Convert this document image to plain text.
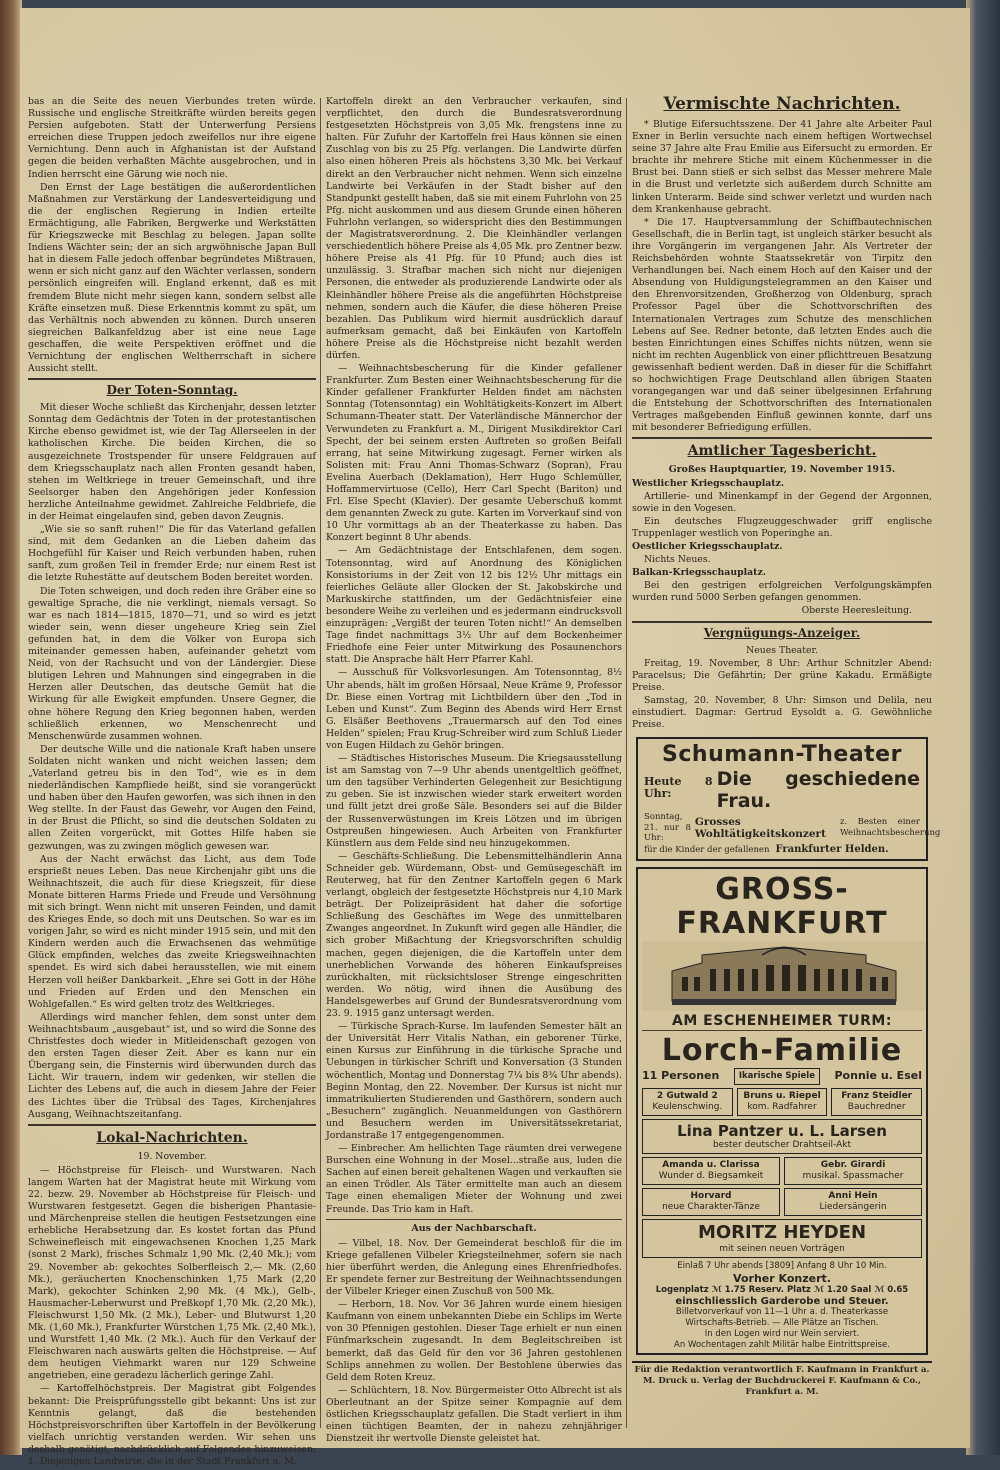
bas an die Seite des neuen Vierbundes treten würde. Russische und englische Streitkräfte würden bereits gegen Persien aufgeboten. Statt der Unterwerfung Persiens erreichen diese Truppen jedoch zweifellos nur ihre eigene Vernichtung. Denn auch in Afghanistan ist der Aufstand gegen die beiden verhaßten Mächte ausgebrochen, und in Indien herrscht eine Gärung wie noch nie.

Den Ernst der Lage bestätigen die außerordentlichen Maßnahmen zur Verstärkung der Landesverteidigung und die der englischen Regierung in Indien erteilte Ermächtigung, alle Fabriken, Bergwerke und Werkstätten für Kriegszwecke mit Beschlag zu belegen. Japan sollte Indiens Wächter sein; der an sich argwöhnische Japan Bull hat in diesem Falle jedoch offenbar begründetes Mißtrauen, wenn er sich nicht ganz auf den Wächter verlassen, sondern persönlich eingreifen will. England erkennt, daß es mit fremdem Blute nicht mehr siegen kann, sondern selbst alle Kräfte einsetzen muß. Diese Erkenntnis kommt zu spät, um das Verhältnis noch abwenden zu können. Durch unseren siegreichen Balkanfeldzug aber ist eine neue Lage geschaffen, die weite Perspektiven eröffnet und die Vernichtung der englischen Weltherrschaft in sichere Aussicht stellt.

Der Toten-Sonntag.

Mit dieser Woche schließt das Kirchenjahr, dessen letzter Sonntag dem Gedächtnis der Toten in der protestantischen Kirche ebenso gewidmet ist, wie der Tag Allerseelen in der katholischen Kirche. Die beiden Kirchen, die so ausgezeichnete Trostspender für unsere Feldgrauen auf dem Kriegsschauplatz nach allen Fronten gesandt haben, stehen im Weltkriege in treuer Gemeinschaft, und ihre Seelsorger haben den Angehörigen jeder Konfession herzliche Anteilnahme gewidmet. Zahlreiche Feldbriefe, die in der Heimat eingelaufen sind, geben davon Zeugnis.

„Wie sie so sanft ruhen!“ Die für das Vaterland gefallen sind, mit dem Gedanken an die Lieben daheim das Hochgefühl für Kaiser und Reich verbunden haben, ruhen sanft, zum großen Teil in fremder Erde; nur einem Rest ist die letzte Ruhestätte auf deutschem Boden bereitet worden.

Die Toten schweigen, und doch reden ihre Gräber eine so gewaltige Sprache, die nie verklingt, niemals versagt. So war es nach 1814—1815, 1870—71, und so wird es jetzt wieder sein, wenn dieser ungeheure Krieg sein Ziel gefunden hat, in dem die Völker von Europa sich miteinander gemessen haben, aufeinander gehetzt vom Neid, von der Rachsucht und von der Ländergier. Diese blutigen Lehren und Mahnungen sind eingegraben in die Herzen aller Deutschen, das deutsche Gemüt hat die Wirkung für alle Ewigkeit empfunden. Unsere Gegner, die ohne höhere Regung den Krieg begonnen haben, werden schließlich erkennen, wo Menschenrecht und Menschenwürde zusammen wohnen.

Der deutsche Wille und die nationale Kraft haben unsere Soldaten nicht wanken und nicht weichen lassen; dem „Vaterland getreu bis in den Tod“, wie es in dem niederländischen Kampfliede heißt, sind sie vorangerückt und haben über den Haufen geworfen, was sich ihnen in den Weg stellte. In der Faust das Gewehr, vor Augen den Feind, in der Brust die Pflicht, so sind die deutschen Soldaten zu allen Zeiten vorgerückt, mit Gottes Hilfe haben sie gezwungen, was zu zwingen möglich gewesen war.

Aus der Nacht erwächst das Licht, aus dem Tode ersprießt neues Leben. Das neue Kirchenjahr gibt uns die Weihnachtszeit, die auch für diese Kriegszeit, für diese Monate bitteren Harms Friede und Freude und Versöhnung mit sich bringt. Wenn nicht mit unseren Feinden, und damit des Krieges Ende, so doch mit uns Deutschen. So war es im vorigen Jahr, so wird es nicht minder 1915 sein, und mit den Kindern werden auch die Erwachsenen das wehmütige Glück empfinden, welches das zweite Kriegsweihnachten spendet. Es wird sich dabei herausstellen, wie mit einem Herzen voll heißer Dankbarkeit. „Ehre sei Gott in der Höhe und Frieden auf Erden und den Menschen ein Wohlgefallen.“ Es wird gelten trotz des Weltkrieges.

Allerdings wird mancher fehlen, dem sonst unter dem Weihnachtsbaum „ausgebaut“ ist, und so wird die Sonne des Christfestes doch wieder in Mitleidenschaft gezogen von den ersten Tagen dieser Zeit. Aber es kann nur ein Übergang sein, die Finsternis wird überwunden durch das Licht. Wir trauern, indem wir gedenken, wir stellen die Lichter des Lebens auf, die auch in diesem Jahre der Feier des Lichtes über die Trübsal des Tages, Kirchenjahres Ausgang, Weihnachtszeitanfang.

Lokal-Nachrichten.
19. November.

— Höchstpreise für Fleisch- und Wurstwaren. Nach langem Warten hat der Magistrat heute mit Wirkung vom 22. bezw. 29. November ab Höchstpreise für Fleisch- und Wurstwaren festgesetzt. Gegen die bisherigen Phantasie- und Märchenpreise stellen die heutigen Festsetzungen eine erhebliche Herabsetzung dar. Es kostet fortan das Pfund Schweinefleisch mit eingewachsenen Knochen 1,25 Mark (sonst 2 Mark), frisches Schmalz 1,90 Mk. (2,40 Mk.); vom 29. November ab: gekochtes Solberfleisch 2,— Mk. (2,60 Mk.), geräucherten Knochenschinken 1,75 Mark (2,20 Mark), gekochter Schinken 2,90 Mk. (4 Mk.), Gelb-, Hausmacher-Leberwurst und Preßkopf 1,70 Mk. (2,20 Mk.), Fleischwurst 1,50 Mk. (2 Mk.), Leber- und Blutwurst 1,20 Mk. (1,60 Mk.), Frankfurter Würstchen 1,75 Mk. (2,40 Mk.), und Wurstfett 1,40 Mk. (2 Mk.). Auch für den Verkauf der Fleischwaren nach auswärts gelten die Höchstpreise. — Auf dem heutigen Viehmarkt waren nur 129 Schweine angetrieben, eine geradezu lächerlich geringe Zahl.

— Kartoffelhöchstpreis. Der Magistrat gibt Folgendes bekannt: Die Preisprüfungsstelle gibt bekannt: Uns ist zur Kenntnis gelangt, daß die bestehenden Höchstpreisvorschriften über Kartoffeln in der Bevölkerung vielfach unrichtig verstanden werden. Wir sehen uns deshalb genötigt, nachdrücklich auf Folgendes hinzuweisen: 1. Diejenigen Landwirte, die in der Stadt Frankfurt a. M.

Kartoffeln direkt an den Verbraucher verkaufen, sind verpflichtet, den durch die Bundesratsverordnung festgesetzten Höchstpreis von 3,05 Mk. frengstens inne zu halten. Für Zufuhr der Kartoffeln frei Haus können sie einen Zuschlag von bis zu 25 Pfg. verlangen. Die Landwirte dürfen also einen höheren Preis als höchstens 3,30 Mk. bei Verkauf direkt an den Verbraucher nicht nehmen. Wenn sich einzelne Landwirte bei Verkäufen in der Stadt bisher auf den Standpunkt gestellt haben, daß sie mit einem Fuhrlohn von 25 Pfg. nicht auskommen und aus diesem Grunde einen höheren Fuhrlohn verlangen, so widerspricht dies den Bestimmungen der Magistratsverordnung. 2. Die Kleinhändler verlangen verschiedentlich höhere Preise als 4,05 Mk. pro Zentner bezw. höhere Preise als 41 Pfg. für 10 Pfund; auch dies ist unzulässig. 3. Strafbar machen sich nicht nur diejenigen Personen, die entweder als produzierende Landwirte oder als Kleinhändler höhere Preise als die angeführten Höchstpreise nehmen, sondern auch die Käufer, die diese höheren Preise bezahlen. Das Publikum wird hiermit ausdrücklich darauf aufmerksam gemacht, daß bei Einkäufen von Kartoffeln höhere Preise als die Höchstpreise nicht bezahlt werden dürfen.

— Weihnachtsbescherung für die Kinder gefallener Frankfurter. Zum Besten einer Weihnachtsbescherung für die Kinder gefallener Frankfurter Helden findet am nächsten Sonntag (Totensonntag) ein Wohltätigkeits-Konzert im Albert Schumann-Theater statt. Der Vaterländische Männerchor der Verwundeten zu Frankfurt a. M., Dirigent Musikdirektor Carl Specht, der bei seinem ersten Auftreten so großen Beifall errang, hat seine Mitwirkung zugesagt. Ferner wirken als Solisten mit: Frau Anni Thomas-Schwarz (Sopran), Frau Evelina Auerbach (Deklamation), Herr Hugo Schlemüller, Hoffammervirtuose (Cello), Herr Carl Specht (Bariton) und Frl. Else Specht (Klavier). Der gesamte Ueberschuß kommt dem genannten Zweck zu gute. Karten im Vorverkauf sind von 10 Uhr vormittags ab an der Theaterkasse zu haben. Das Konzert beginnt 8 Uhr abends.

— Am Gedächtnistage der Entschlafenen, dem sogen. Totensonntag, wird auf Anordnung des Königlichen Konsistoriums in der Zeit von 12 bis 12½ Uhr mittags ein feierliches Geläute aller Glocken der St. Jakobskirche und Markuskirche stattfinden, um der Gedächtnisfeier eine besondere Weihe zu verleihen und es jedermann eindrucksvoll einzuprägen: „Vergißt der teuren Toten nicht!“ An demselben Tage findet nachmittags 3½ Uhr auf dem Bockenheimer Friedhofe eine Feier unter Mitwirkung des Posaunenchors statt. Die Ansprache hält Herr Pfarrer Kahl.

— Ausschuß für Volksvorlesungen. Am Totensonntag, 8½ Uhr abends, hält im großen Hörsaal, Neue Kräme 9, Professor Dr. Biese einen Vortrag mit Lichtbildern über den „Tod in Leben und Kunst“. Zum Beginn des Abends wird Herr Ernst G. Elsäßer Beethovens „Trauermarsch auf den Tod eines Helden“ spielen; Frau Krug-Schreiber wird zum Schluß Lieder von Eugen Hildach zu Gehör bringen.

— Städtisches Historisches Museum. Die Kriegsausstellung ist am Samstag von 7—9 Uhr abends unentgeltlich geöffnet, um den tagsüber Verhinderten Gelegenheit zur Besichtigung zu geben. Sie ist inzwischen wieder stark erweitert worden und füllt jetzt drei große Säle. Besonders sei auf die Bilder der Russenverwüstungen im Kreis Lötzen und im übrigen Ostpreußen hingewiesen. Auch Arbeiten von Frankfurter Künstlern aus dem Felde sind neu hinzugekommen.

— Geschäfts-Schließung. Die Lebensmittelhändlerin Anna Schneider geb. Würdemann, Obst- und Gemüsegeschäft im Reuterweg, hat für den Zentner Kartoffeln gegen 6 Mark verlangt, obgleich der festgesetzte Höchstpreis nur 4,10 Mark beträgt. Der Polizeipräsident hat daher die sofortige Schließung des Geschäftes im Wege des unmittelbaren Zwanges angeordnet. In Zukunft wird gegen alle Händler, die sich grober Mißachtung der Kriegsvorschriften schuldig machen, gegen diejenigen, die die Kartoffeln unter dem unerheblichen Vorwande des höheren Einkaufspreises zurückhalten, mit rücksichtsloser Strenge eingeschritten werden. Wo nötig, wird ihnen die Ausübung des Handelsgewerbes auf Grund der Bundesratsverordnung vom 23. 9. 1915 ganz untersagt werden.

— Türkische Sprach-Kurse. Im laufenden Semester hält an der Universität Herr Vitalis Nathan, ein geborener Türke, einen Kursus zur Einführung in die türkische Sprache und Uebungen in türkischer Schrift und Konversation (3 Stunden wöchentlich, Montag und Donnerstag 7¼ bis 8¾ Uhr abends). Beginn Montag, den 22. November. Der Kursus ist nicht nur immatrikulierten Studierenden und Gasthörern, sondern auch „Besuchern“ zugänglich. Neuanmeldungen von Gasthörern und Besuchern werden im Universitätssekretariat, Jordanstraße 17 entgegengenommen.

— Einbrecher. Am hellichten Tage räumten drei verwegene Burschen eine Wohnung in der Mosel...straße aus, luden die Sachen auf einen bereit gehaltenen Wagen und verkauften sie an einen Trödler. Als Täter ermittelte man auch an diesem Tage einen ehemaligen Mieter der Wohnung und zwei Freunde. Das Trio kam in Haft.

Aus der Nachbarschaft.

— Vilbel, 18. Nov. Der Gemeinderat beschloß für die im Kriege gefallenen Vilbeler Kriegsteilnehmer, sofern sie nach hier überführt werden, die Anlegung eines Ehrenfriedhofes. Er spendete ferner zur Bestreitung der Weihnachtssendungen der Vilbeler Krieger einen Zuschuß von 500 Mk.

— Herborn, 18. Nov. Vor 36 Jahren wurde einem hiesigen Kaufmann von einem unbekannten Diebe ein Schlips im Werte von 30 Pfennigen gestohlen. Dieser Tage erhielt er nun einen Fünfmarkschein zugesandt. In dem Begleitschreiben ist bemerkt, daß das Geld für den vor 36 Jahren gestohlenen Schlips annehmen zu wollen. Der Bestohlene überwies das Geld dem Roten Kreuz.

— Schlüchtern, 18. Nov. Bürgermeister Otto Albrecht ist als Oberleutnant an der Spitze seiner Kompagnie auf dem östlichen Kriegsschauplatz gefallen. Die Stadt verliert in ihm einen tüchtigen Beamten, der in nahezu zehnjähriger Dienstzeit ihr wertvolle Dienste geleistet hat.

Vermischte Nachrichten.

* Blutige Eifersuchtsszene. Der 41 Jahre alte Arbeiter Paul Exner in Berlin versuchte nach einem heftigen Wortwechsel seine 37 Jahre alte Frau Emilie aus Eifersucht zu ermorden. Er brachte ihr mehrere Stiche mit einem Küchenmesser in die Brust bei. Dann stieß er sich selbst das Messer mehrere Male in die Brust und verletzte sich außerdem durch Schnitte am linken Unterarm. Beide sind schwer verletzt und wurden nach dem Krankenhause gebracht.

* Die 17. Hauptversammlung der Schiffbautechnischen Gesellschaft, die in Berlin tagt, ist ungleich stärker besucht als ihre Vorgängerin im vergangenen Jahr. Als Vertreter der Reichsbehörden wohnte Staatssekretär von Tirpitz den Verhandlungen bei. Nach einem Hoch auf den Kaiser und der Absendung von Huldigungstelegrammen an den Kaiser und den Ehrenvorsitzenden, Großherzog von Oldenburg, sprach Professor Pagel über die Schottvorschriften des Internationalen Vertrages zum Schutze des menschlichen Lebens auf See. Redner betonte, daß letzten Endes auch die besten Einrichtungen eines Schiffes nichts nützen, wenn sie nicht im rechten Augenblick von einer pflichttreuen Besatzung gewissenhaft bedient werden. Daß in dieser für die Schiffahrt so hochwichtigen Frage Deutschland allen übrigen Staaten vorangegangen war und daß seiner übelgesinnen Erfahrung die Entstehung der Schottvorschriften des Internationalen Vertrages maßgebenden Einfluß gewinnen konnte, darf uns mit besonderer Befriedigung erfüllen.

Amtlicher Tagesbericht.

Großes Hauptquartier, 19. November 1915.

Westlicher Kriegsschauplatz.

Artillerie- und Minenkampf in der Gegend der Argonnen, sowie in den Vogesen.

Ein deutsches Flugzeuggeschwader griff englische Truppenlager westlich von Poperinghe an.

Oestlicher Kriegsschauplatz.

Nichts Neues.

Balkan-Kriegsschauplatz.

Bei den gestrigen erfolgreichen Verfolgungskämpfen wurden rund 5000 Serben gefangen genommen.

Oberste Heeresleitung.

Vergnügungs-Anzeiger.

Neues Theater.

Freitag, 19. November, 8 Uhr: Arthur Schnitzler Abend: Paracelsus; Die Gefährtin; Der grüne Kakadu. Ermäßigte Preise.

Samstag, 20. November, 8 Uhr: Simson und Delila, neu einstudiert. Dagmar: Gertrud Eysoldt a. G. Gewöhnliche Preise.

Schumann-Theater
Heute 8 Uhr:
Die geschiedene Frau.
Sonntag, 21. nur 8 Uhr:
Grosses Wohltätigkeitskonzert
z. Besten einer Weihnachtsbescherung
für die Kinder der gefallenen Frankfurter Helden.
GROSS-FRANKFURT
AM ESCHENHEIMER TURM:
Lorch-Familie
11 Personen	Ikarische Spiele	Ponnie u. Esel
2 Gutwald 2
Keulenschwing.
Bruns u. Riepel
kom. Radfahrer
Franz Steidler
Bauchredner
Lina Pantzer u. L. Larsen
bester deutscher Drahtseil-Akt
Amanda u. Clarissa
Wunder d. Biegsamkeit
Gebr. Girardi
musikal. Spassmacher
Horvard
neue Charakter-Tänze
Anni Hein
Liedersängerin
MORITZ HEYDEN
mit seinen neuen Vorträgen
Einlaß 7 Uhr abends [3809] Anfang 8 Uhr 10 Min.
Vorher Konzert.
Logenplatz ℳ 1.75 Reserv. Platz ℳ 1.20 Saal ℳ 0.65
einschliesslich Garderobe und Steuer.
Billetvorverkauf von 11—1 Uhr a. d. Theaterkasse
Wirtschafts-Betrieb. — Alle Plätze an Tischen.
In den Logen wird nur Wein serviert.
An Wochentagen zahlt Militär halbe Eintrittspreise.
Für die Redaktion verantwortlich F. Kaufmann in Frankfurt a. M. Druck u. Verlag der Buchdruckerei F. Kaufmann & Co., Frankfurt a. M.
